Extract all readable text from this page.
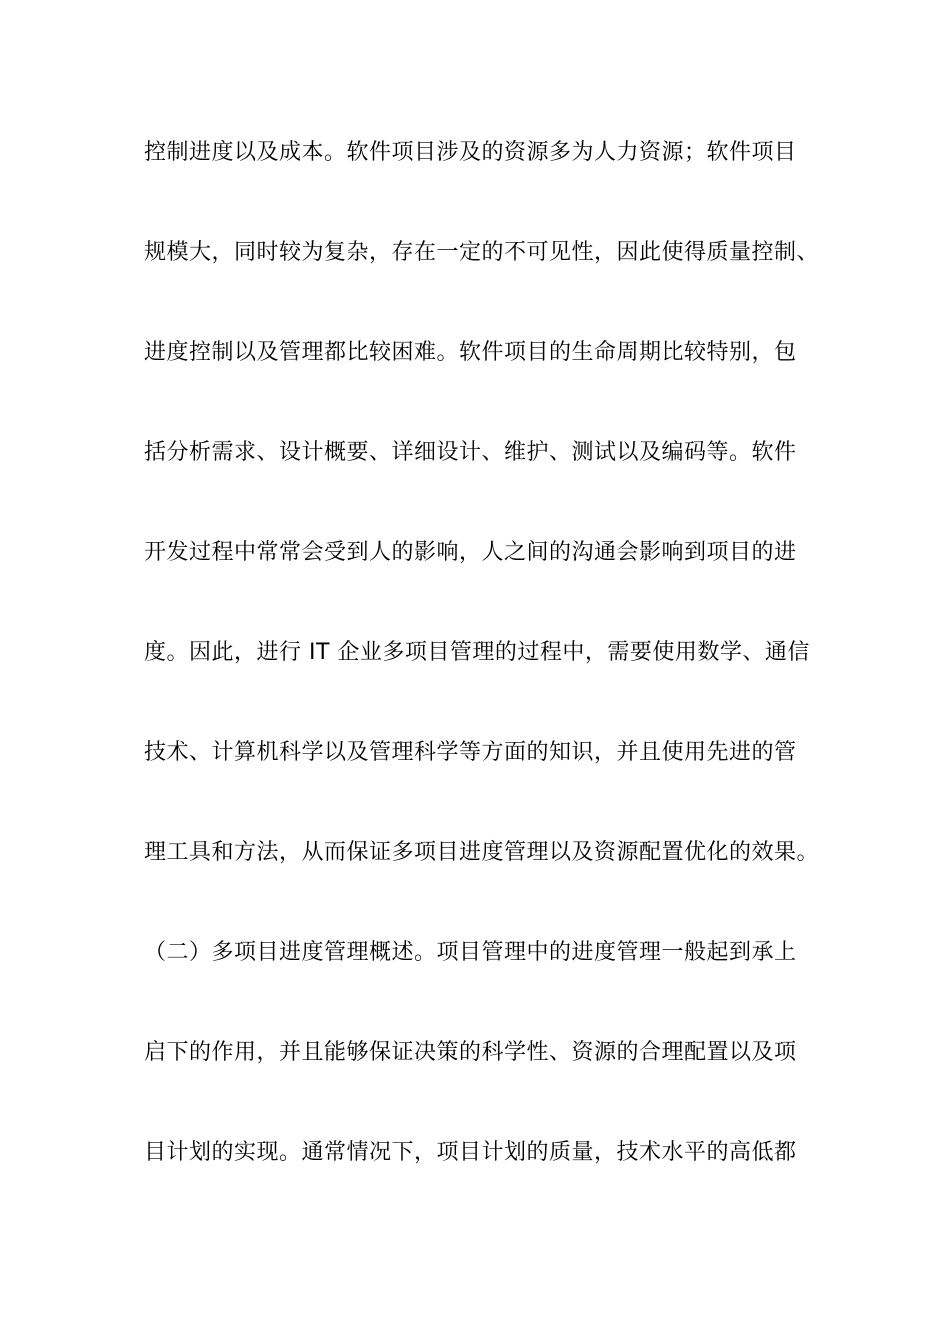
控制进度以及成本。软件项目涉及的资源多为人力资源；软件项目
规模大，同时较为复杂，存在一定的不可见性，因此使得质量控制、
进度控制以及管理都比较困难。软件项目的生命周期比较特别，包
括分析需求、设计概要、详细设计、维护、测试以及编码等。软件
开发过程中常常会受到人的影响，人之间的沟通会影响到项目的进
度。因此，进行 IT 企业多项目管理的过程中，需要使用数学、通信
技术、计算机科学以及管理科学等方面的知识，并且使用先进的管
理工具和方法，从而保证多项目进度管理以及资源配置优化的效果。
（二）多项目进度管理概述。项目管理中的进度管理一般起到承上
启下的作用，并且能够保证决策的科学性、资源的合理配置以及项
目计划的实现。通常情况下，项目计划的质量，技术水平的高低都
